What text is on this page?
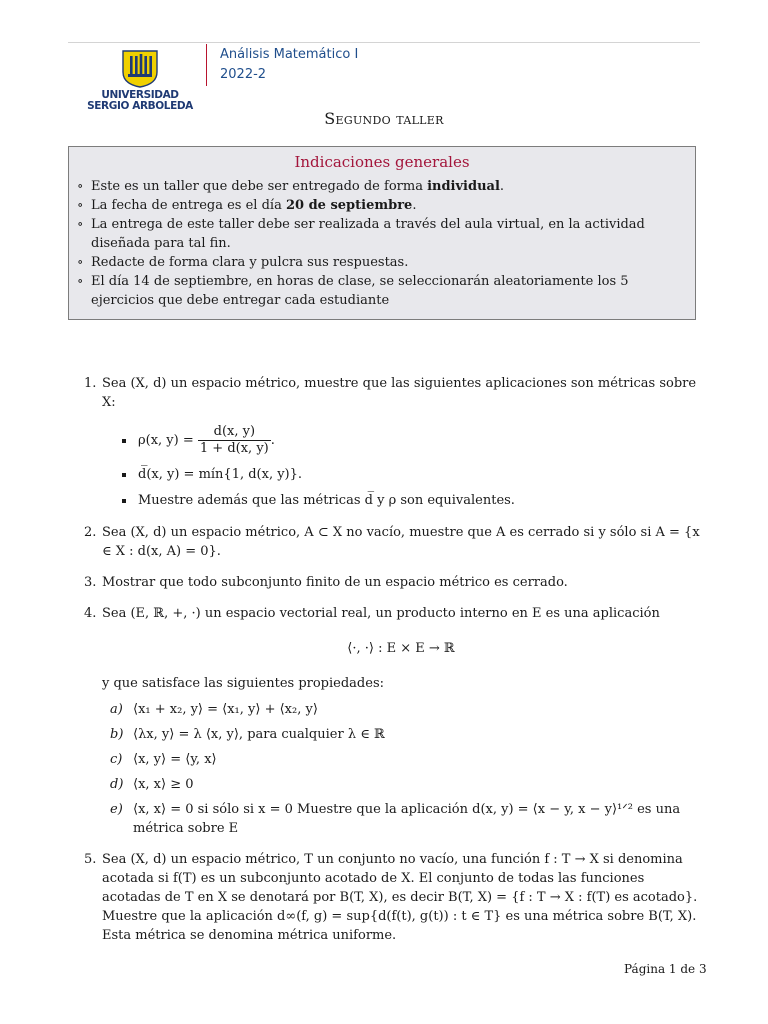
UNIVERSIDAD
SERGIO ARBOLEDA
Análisis Matemático I
2022-2
Segundo taller
Indicaciones generales
∘ Este es un taller que debe ser entregado de forma individual.
∘ La fecha de entrega es el día 20 de septiembre.
∘ La entrega de este taller debe ser realizada a través del aula virtual, en la actividad diseñada para tal fin.
∘ Redacte de forma clara y pulcra sus respuestas.
∘ El día 14 de septiembre, en horas de clase, se seleccionarán aleatoriamente los 5 ejercicios que debe entregar cada estudiante
1. Sea (X, d) un espacio métrico, muestre que las siguientes aplicaciones son métricas sobre X:
ρ(x, $y) = \frac{d(x, y)}{1 + d(x, y)}$ .
d̅(x, y) = mín{1, d(x, y)}.
Muestre además que las métricas d̅ y ρ son equivalentes.
2. Sea (X, d) un espacio métrico, A ⊂ X no vacío, muestre que A es cerrado si y sólo si A = {x ∈ X : d(x, A) = 0}.
3. Mostrar que todo subconjunto finito de un espacio métrico es cerrado.
4. Sea (E, ℝ, +, ·) un espacio vectorial real, un producto interno en E es una aplicación
⟨·, ·⟩ : E × E → ℝ
y que satisface las siguientes propiedades:
a) ⟨x₁ + x₂, y⟩ = ⟨x₁, y⟩ + ⟨x₂, y⟩
b) ⟨λx, y⟩ = λ ⟨x, y⟩, para cualquier λ ∈ ℝ
c) ⟨x, y⟩ = ⟨y, x⟩
d) ⟨x, x⟩ ≥ 0
e) ⟨x, x⟩ = 0 si sólo si x = 0 Muestre que la aplicación d(x, y) = ⟨x − y, x − y⟩¹ᐟ² es una métrica sobre E
5. Sea (X, d) un espacio métrico, T un conjunto no vacío, una función f : T → X si denomina acotada si f(T) es un subconjunto acotado de X. El conjunto de todas las funciones acotadas de T en X se denotará por B(T, X), es decir B(T, X) = {f : T → X : f(T) es acotado}. Muestre que la aplicación d∞(f, g) = sup{d(f(t), g(t)) : t ∈ T} es una métrica sobre B(T, X). Esta métrica se denomina métrica uniforme.
Página 1 de 3
